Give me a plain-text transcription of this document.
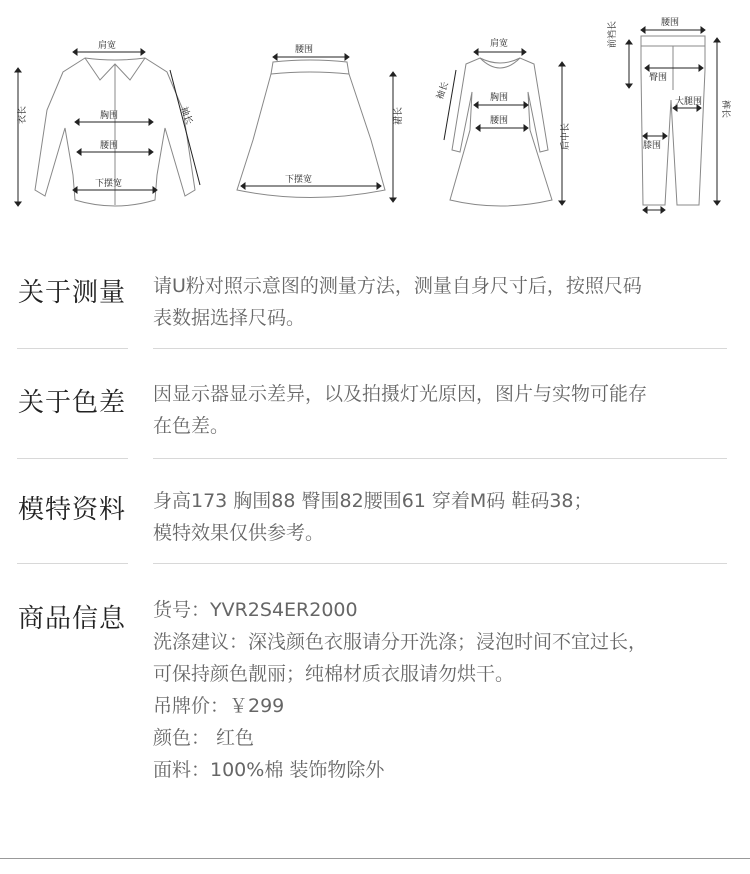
肩宽
胸围
腰围
下摆宽
袖长
衣长
腰围
下摆宽
裙长
肩宽
袖长	胸围
腰围
后中长
腰围
前裆长
臀围
大腿围
膝围
裤长
关于测量 请U粉对照示意图的测量方法，测量自身尺寸后，按照尺码
表数据选择尺码。
关于色差 因显示器显示差异，以及拍摄灯光原因，图片与实物可能存
在色差。
模特资料 身高173 胸围88 臀围82腰围61 穿着M码 鞋码38；
模特效果仅供参考。
商品信息 货号：YVR2S4ER2000
洗涤建议：深浅颜色衣服请分开洗涤；浸泡时间不宜过长，
可保持颜色靓丽；纯棉材质衣服请勿烘干。
吊牌价：￥299
颜色： 红色
面料：100%棉 装饰物除外
